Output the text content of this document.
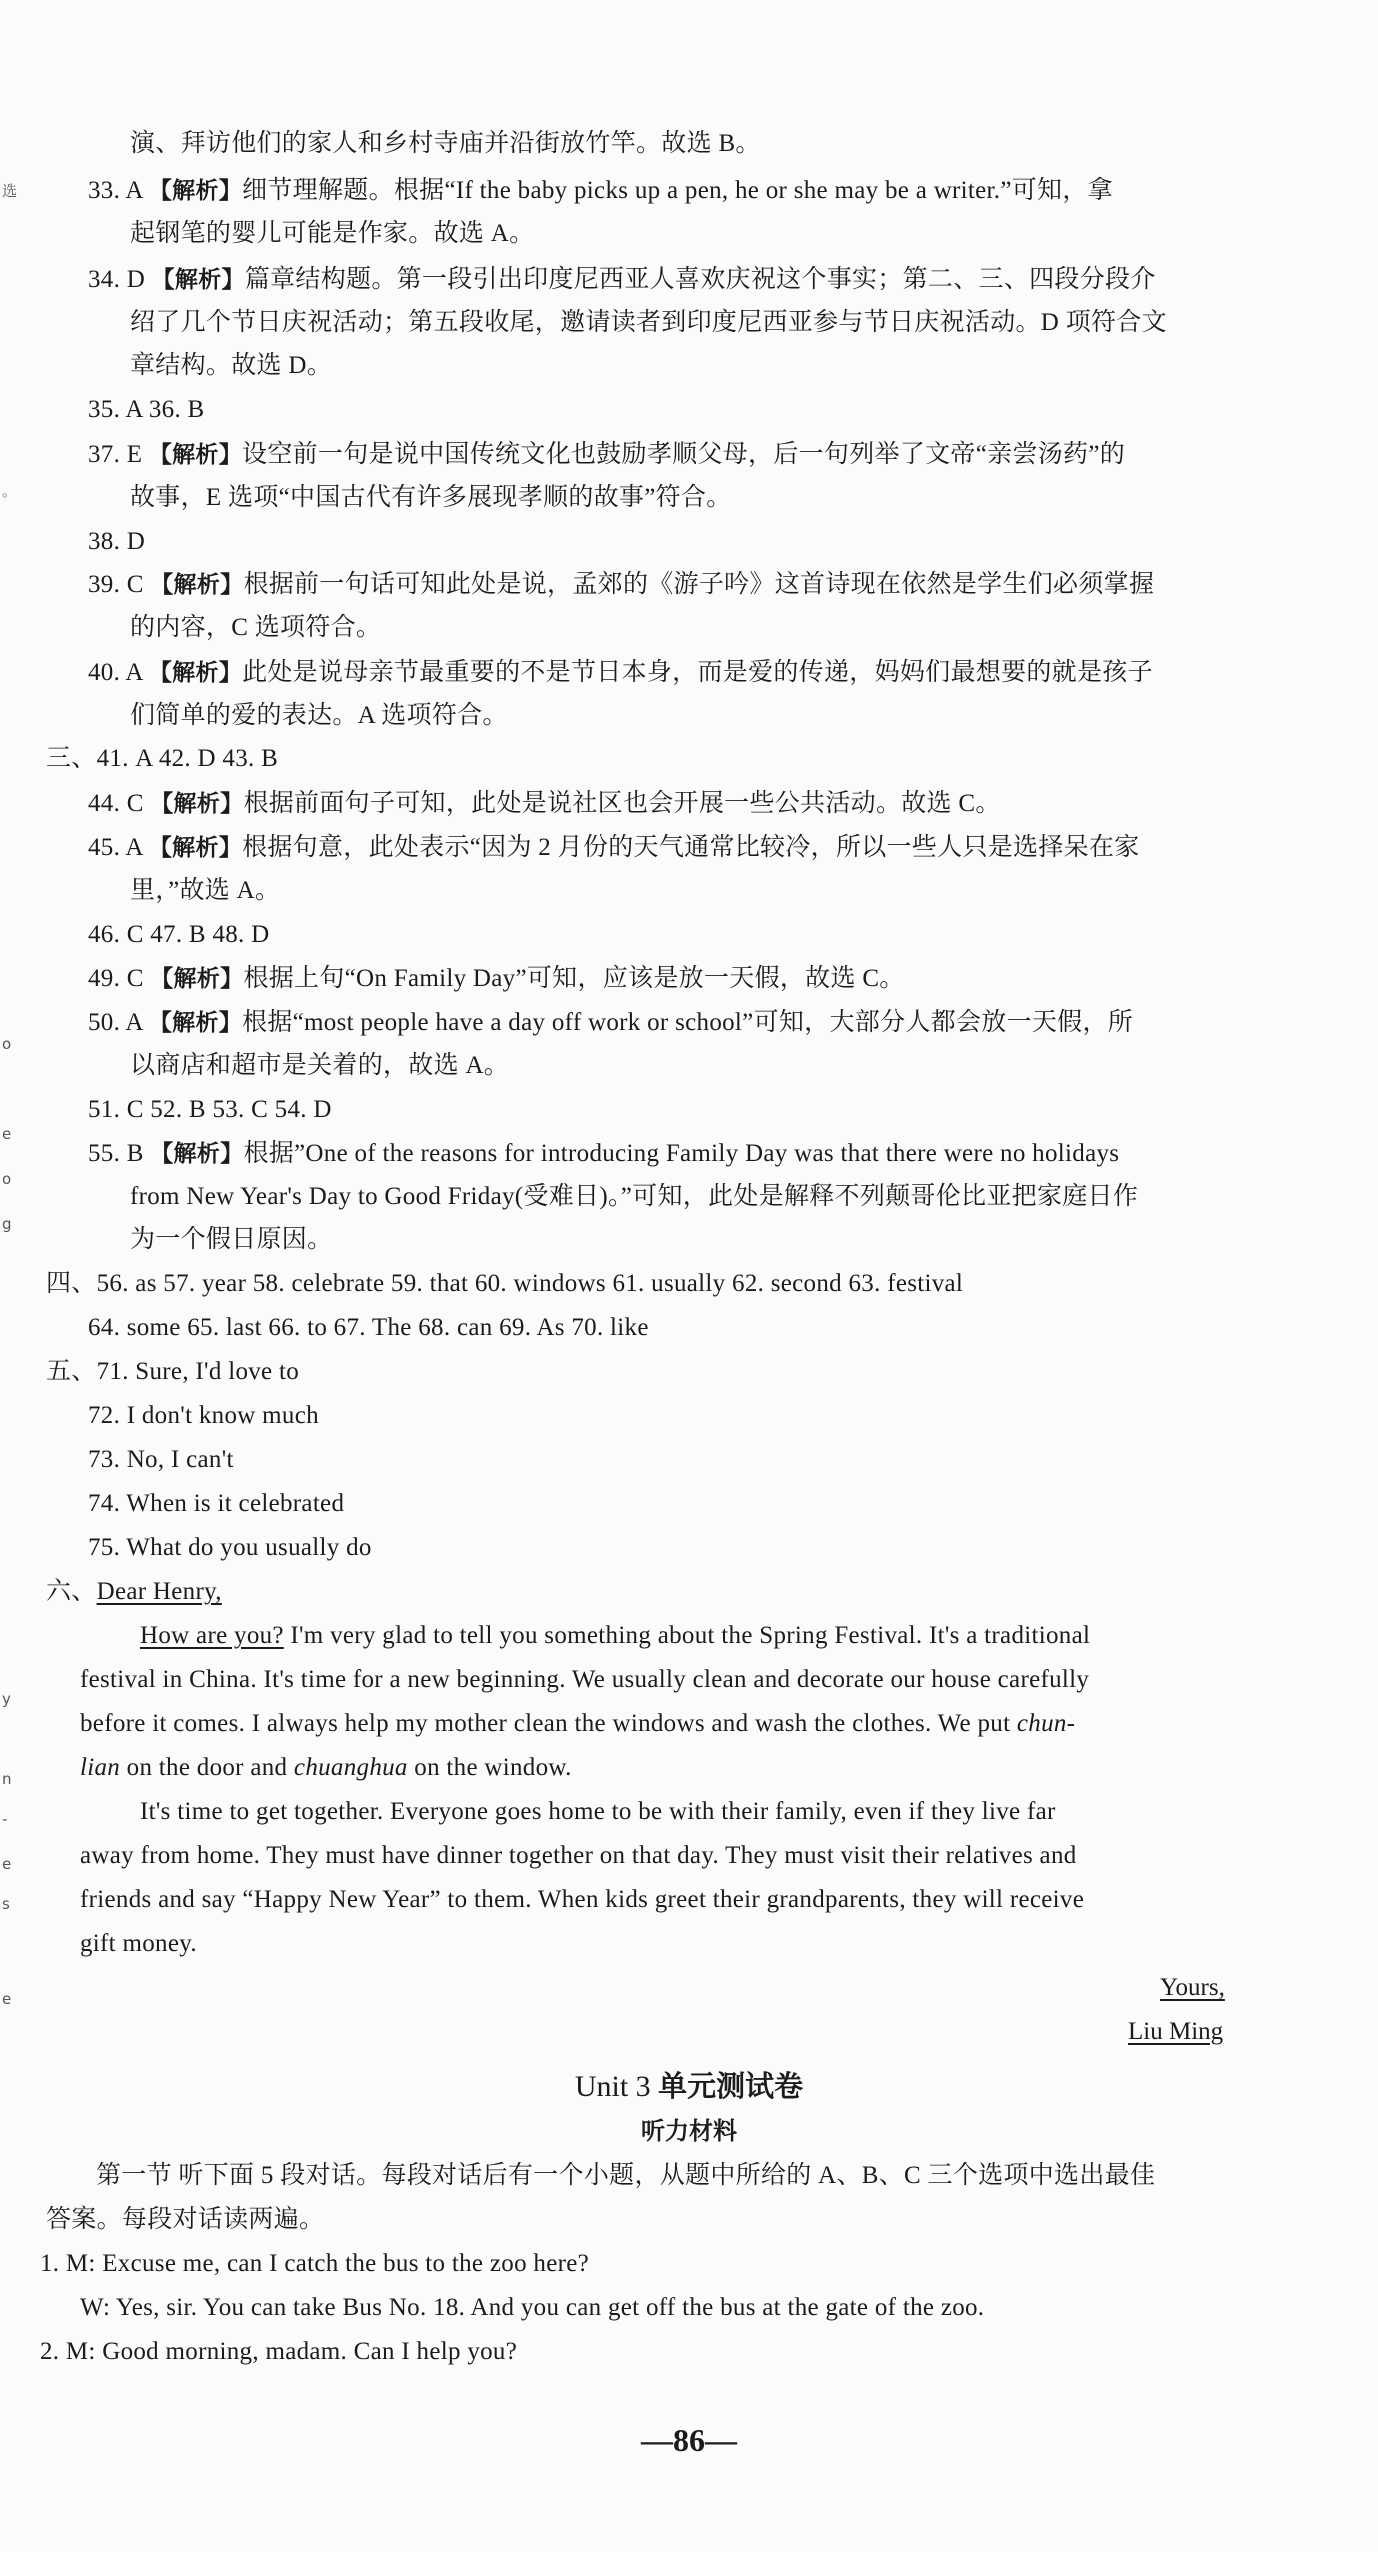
演、拜访他们的家人和乡村寺庙并沿街放竹竿。故选 B。
33. A 【解析】细节理解题。根据“If the baby picks up a pen, he or she may be a writer.”可知，拿
起钢笔的婴儿可能是作家。故选 A。
34. D 【解析】篇章结构题。第一段引出印度尼西亚人喜欢庆祝这个事实；第二、三、四段分段介
绍了几个节日庆祝活动；第五段收尾，邀请读者到印度尼西亚参与节日庆祝活动。D 项符合文
章结构。故选 D。
35. A 36. B
37. E 【解析】设空前一句是说中国传统文化也鼓励孝顺父母，后一句列举了文帝“亲尝汤药”的
故事，E 选项“中国古代有许多展现孝顺的故事”符合。
38. D
39. C 【解析】根据前一句话可知此处是说，孟郊的《游子吟》这首诗现在依然是学生们必须掌握
的内容，C 选项符合。
40. A 【解析】此处是说母亲节最重要的不是节日本身，而是爱的传递，妈妈们最想要的就是孩子
们简单的爱的表达。A 选项符合。
三、41. A 42. D 43. B
44. C 【解析】根据前面句子可知，此处是说社区也会开展一些公共活动。故选 C。
45. A 【解析】根据句意，此处表示“因为 2 月份的天气通常比较冷，所以一些人只是选择呆在家
里，”故选 A。
46. C 47. B 48. D
49. C 【解析】根据上句“On Family Day”可知，应该是放一天假，故选 C。
50. A 【解析】根据“most people have a day off work or school”可知，大部分人都会放一天假，所
以商店和超市是关着的，故选 A。
51. C 52. B 53. C 54. D
55. B 【解析】根据”One of the reasons for introducing Family Day was that there were no holidays
from New Year's Day to Good Friday(受难日)。”可知，此处是解释不列颠哥伦比亚把家庭日作
为一个假日原因。
四、56. as 57. year 58. celebrate 59. that 60. windows 61. usually 62. second 63. festival
64. some 65. last 66. to 67. The 68. can 69. As 70. like
五、71. Sure, I'd love to
72. I don't know much
73. No, I can't
74. When is it celebrated
75. What do you usually do
六、Dear Henry,
How are you? I'm very glad to tell you something about the Spring Festival. It's a traditional
festival in China. It's time for a new beginning. We usually clean and decorate our house carefully
before it comes. I always help my mother clean the windows and wash the clothes. We put chun-
lian on the door and chuanghua on the window.
It's time to get together. Everyone goes home to be with their family, even if they live far
away from home. They must have dinner together on that day. They must visit their relatives and
friends and say “Happy New Year” to them. When kids greet their grandparents, they will receive
gift money.
Yours,
Liu Ming
Unit 3 单元测试卷
听力材料
第一节 听下面 5 段对话。每段对话后有一个小题，从题中所给的 A、B、C 三个选项中选出最佳
答案。每段对话读两遍。
1. M: Excuse me, can I catch the bus to the zoo here?
W: Yes, sir. You can take Bus No. 18. And you can get off the bus at the gate of the zoo.
2. M: Good morning, madam. Can I help you?
—86—
选
。
o
e
o
g
y
n
-
e
s
e
